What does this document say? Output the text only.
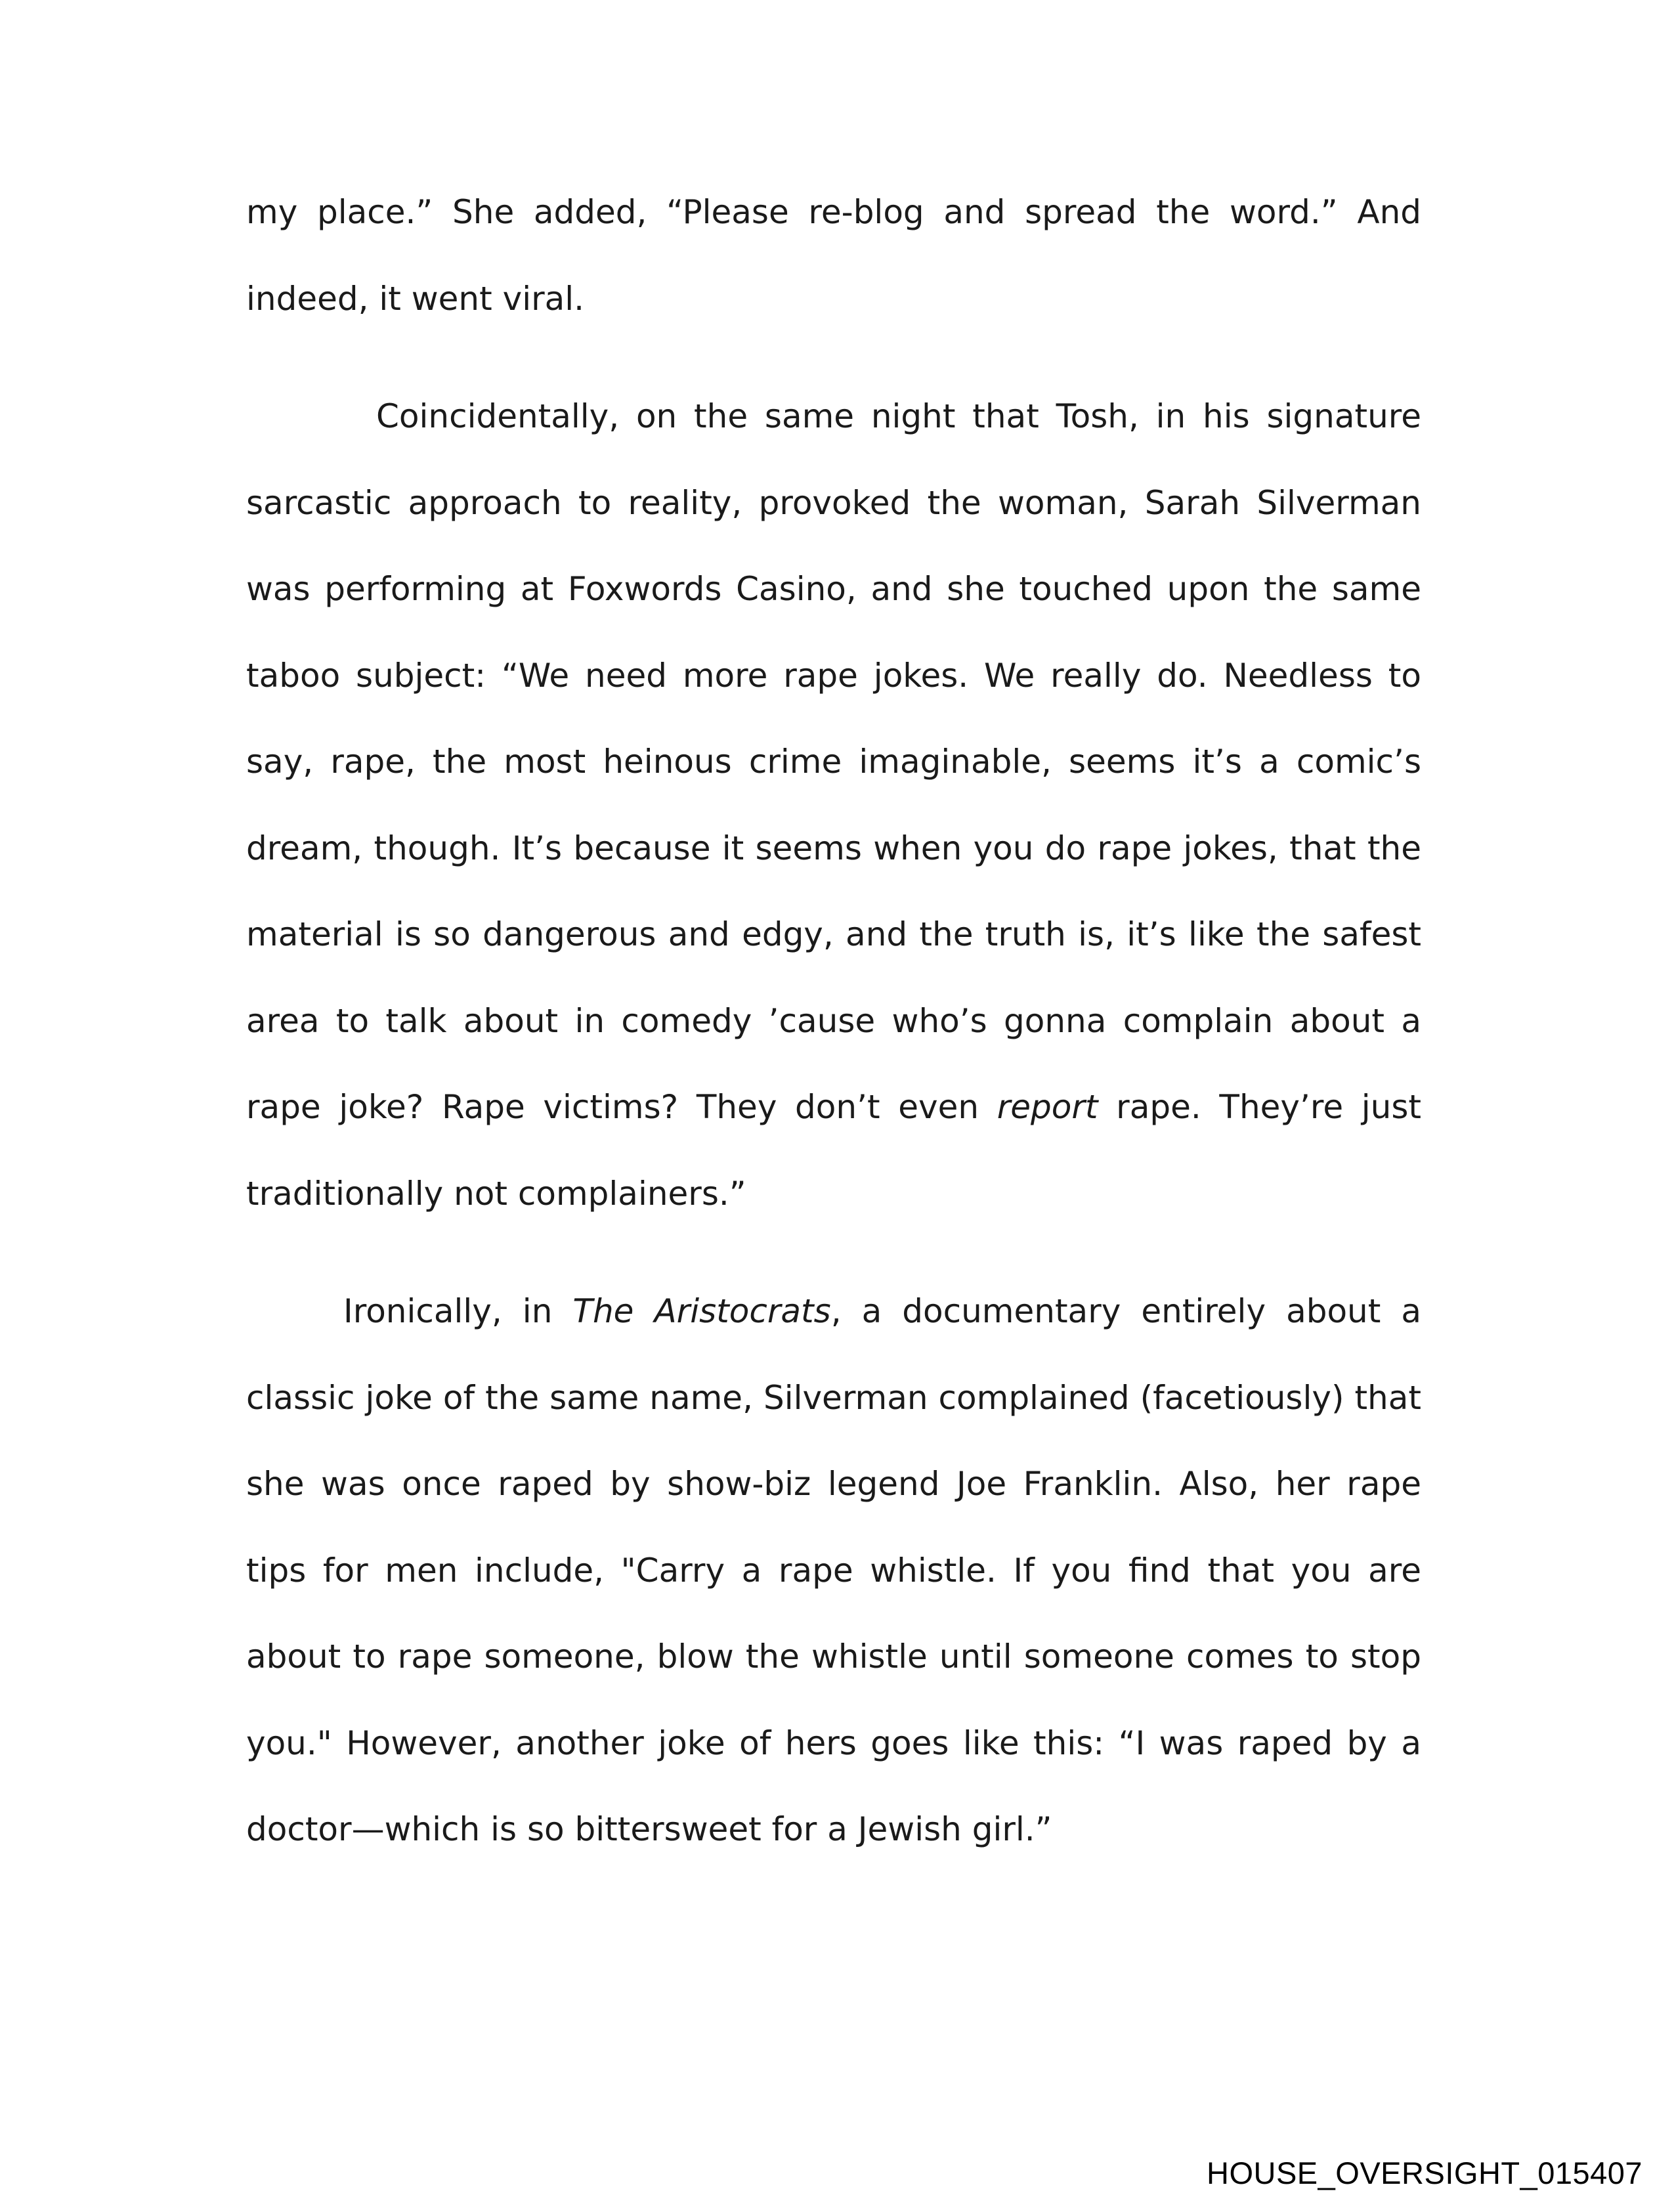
my place.” She added, “Please re-blog and spread the word.” And indeed, it went viral.

Coincidentally, on the same night that Tosh, in his signature sarcastic approach to reality, provoked the woman, Sarah Silverman was performing at Foxwords Casino, and she touched upon the same taboo subject: “We need more rape jokes. We really do. Needless to say, rape, the most heinous crime imaginable, seems it’s a comic’s dream, though. It’s because it seems when you do rape jokes, that the material is so dangerous and edgy, and the truth is, it’s like the safest area to talk about in comedy ’cause who’s gonna complain about a rape joke? Rape victims? They don’t even report rape. They’re just traditionally not complainers.”

Ironically, in The Aristocrats, a documentary entirely about a classic joke of the same name, Silverman complained (facetiously) that she was once raped by show-biz legend Joe Franklin. Also, her rape tips for men include, "Carry a rape whistle. If you find that you are about to rape someone, blow the whistle until someone comes to stop you." However, another joke of hers goes like this: “I was raped by a doctor—which is so bittersweet for a Jewish girl.”

HOUSE_OVERSIGHT_015407
